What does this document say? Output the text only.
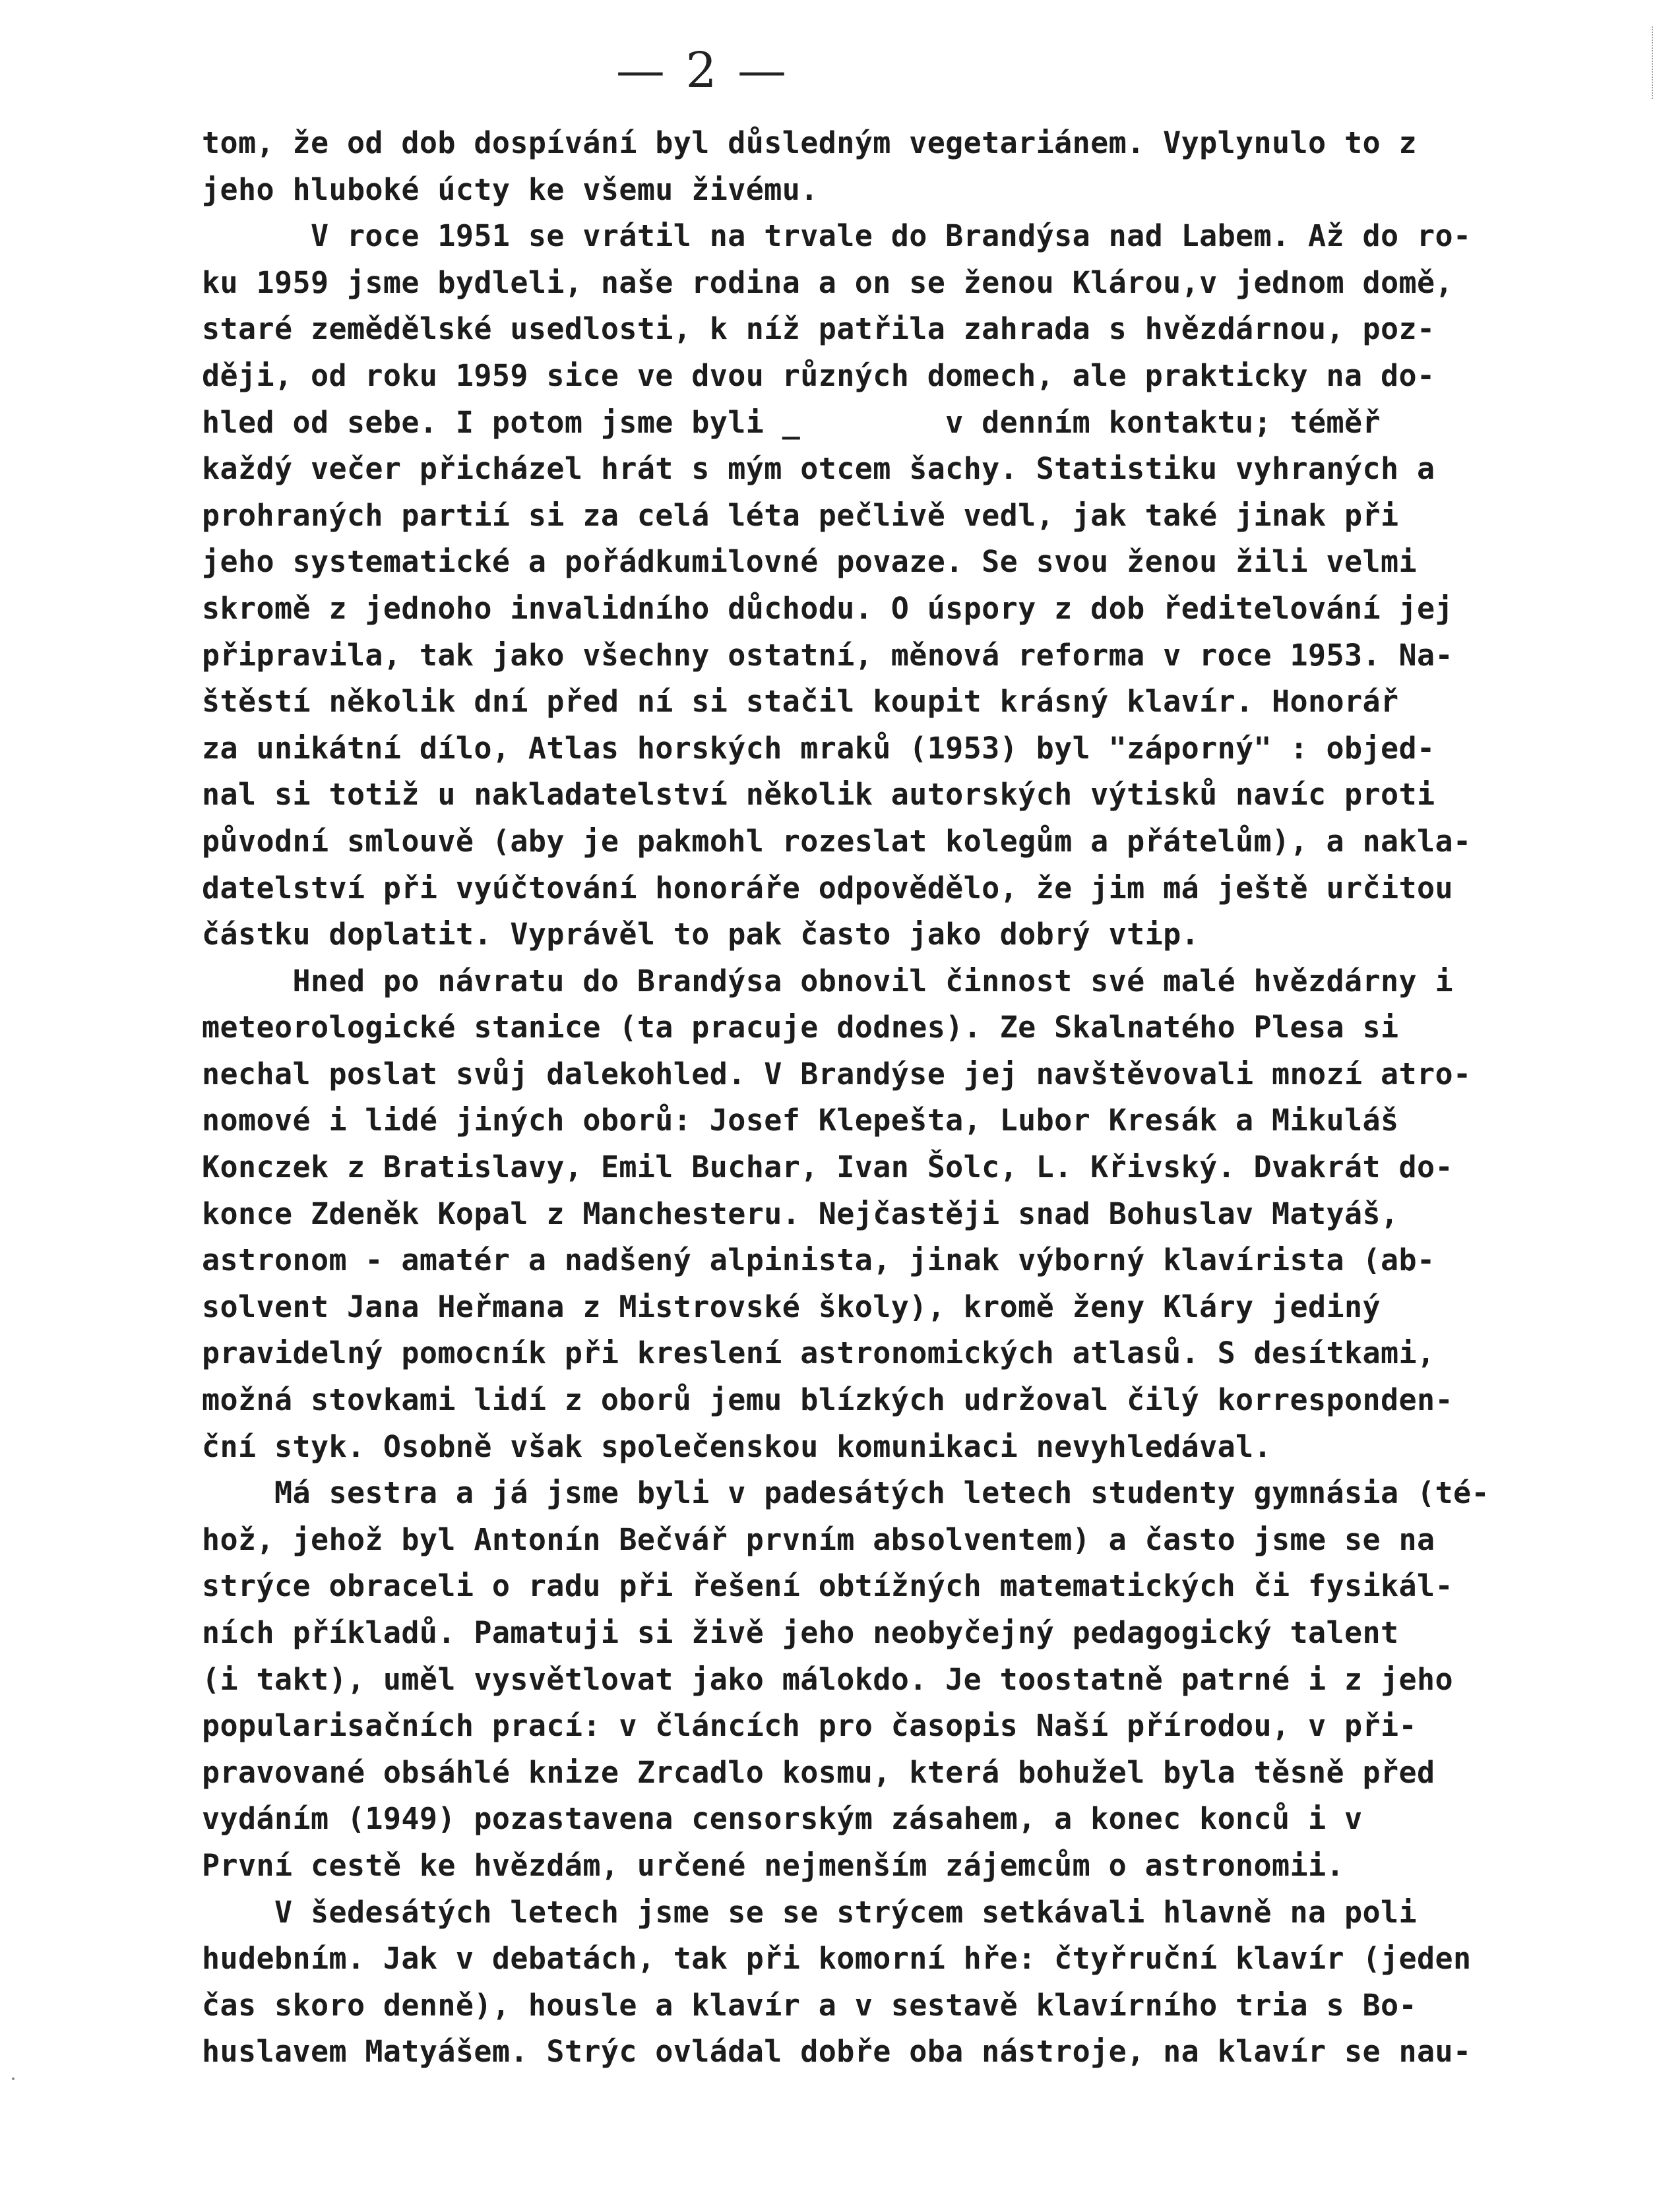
— 2 —
tom, že od dob dospívání byl důsledným vegetariánem. Vyplynulo to z
jeho hluboké úcty ke všemu živému.
V roce 1951 se vrátil na trvale do Brandýsa nad Labem. Až do ro-
ku 1959 jsme bydleli, naše rodina a on se ženou Klárou,v jednom domě,
staré zemědělské usedlosti, k níž patřila zahrada s hvězdárnou, poz-
ději, od roku 1959 sice ve dvou různých domech, ale prakticky na do-
hled od sebe. I potom jsme byli _        v denním kontaktu; téměř
každý večer přicházel hrát s mým otcem šachy. Statistiku vyhraných a
prohraných partií si za celá léta pečlivě vedl, jak také jinak při
jeho systematické a pořádkumilovné povaze. Se svou ženou žili velmi
skromě z jednoho invalidního důchodu. O úspory z dob ředitelování jej
připravila, tak jako všechny ostatní, měnová reforma v roce 1953. Na-
štěstí několik dní před ní si stačil koupit krásný klavír. Honorář
za unikátní dílo, Atlas horských mraků (1953) byl "záporný" : objed-
nal si totiž u nakladatelství několik autorských výtisků navíc proti
původní smlouvě (aby je pakmohl rozeslat kolegům a přátelům), a nakla-
datelství při vyúčtování honoráře odpovědělo, že jim má ještě určitou
částku doplatit. Vyprávěl to pak často jako dobrý vtip.
Hned po návratu do Brandýsa obnovil činnost své malé hvězdárny i
meteorologické stanice (ta pracuje dodnes). Ze Skalnatého Plesa si
nechal poslat svůj dalekohled. V Brandýse jej navštěvovali mnozí atro-
nomové i lidé jiných oborů: Josef Klepešta, Lubor Kresák a Mikuláš
Konczek z Bratislavy, Emil Buchar, Ivan Šolc, L. Křivský. Dvakrát do-
konce Zdeněk Kopal z Manchesteru. Nejčastěji snad Bohuslav Matyáš,
astronom - amatér a nadšený alpinista, jinak výborný klavírista (ab-
solvent Jana Heřmana z Mistrovské školy), kromě ženy Kláry jediný
pravidelný pomocník při kreslení astronomických atlasů. S desítkami,
možná stovkami lidí z oborů jemu blízkých udržoval čilý korresponden-
ční styk. Osobně však společenskou komunikaci nevyhledával.
Má sestra a já jsme byli v padesátých letech studenty gymnásia (té-
hož, jehož byl Antonín Bečvář prvním absolventem) a často jsme se na
strýce obraceli o radu při řešení obtížných matematických či fysikál-
ních příkladů. Pamatuji si živě jeho neobyčejný pedagogický talent
(i takt), uměl vysvětlovat jako málokdo. Je toostatně patrné i z jeho
popularisačních prací: v článcích pro časopis Naší přírodou, v při-
pravované obsáhlé knize Zrcadlo kosmu, která bohužel byla těsně před
vydáním (1949) pozastavena censorským zásahem, a konec konců i v
První cestě ke hvězdám, určené nejmenším zájemcům o astronomii.
V šedesátých letech jsme se se strýcem setkávali hlavně na poli
hudebním. Jak v debatách, tak při komorní hře: čtyřruční klavír (jeden
čas skoro denně), housle a klavír a v sestavě klavírního tria s Bo-
huslavem Matyášem. Strýc ovládal dobře oba nástroje, na klavír se nau-
